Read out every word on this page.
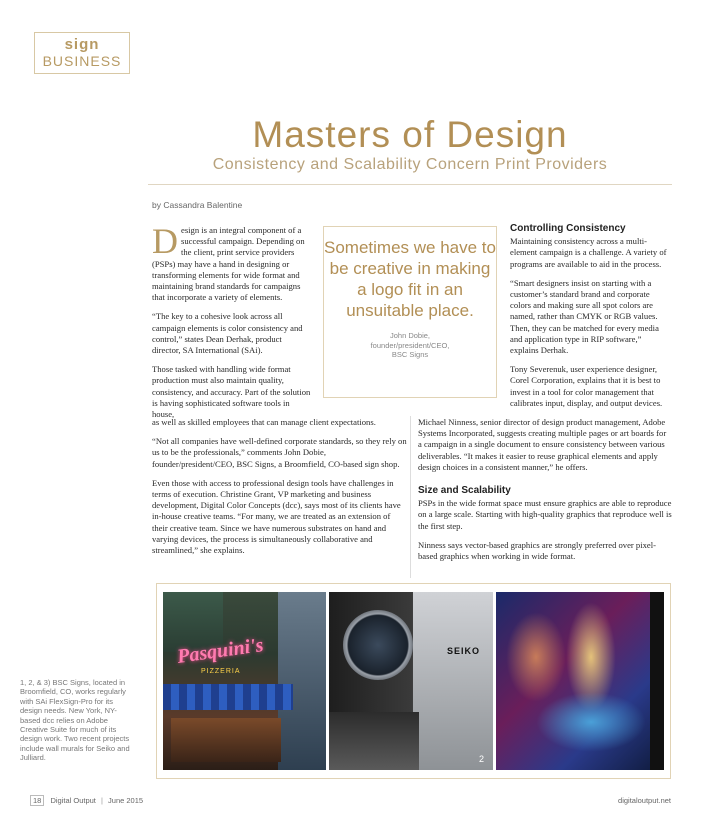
sign
BUSINESS
Masters of Design
Consistency and Scalability Concern Print Providers
by Cassandra Balentine

Design is an integral component of a successful campaign. Depending on the client, print service providers (PSPs) may have a hand in designing or transforming elements for wide format and maintaining brand standards for campaigns that incorporate a variety of elements.

“The key to a cohesive look across all campaign elements is color consistency and control,” states Dean Derhak, product director, SA International (SAi).

Those tasked with handling wide format production must also maintain quality, consistency, and accuracy. Part of the solution is having sophisticated software tools in house,

Sometimes we have to be creative in making a logo fit in an unsuitable place.
John Dobie,
founder/president/CEO,
BSC Signs
Controlling Consistency

Maintaining consistency across a multi-element campaign is a challenge. A variety of programs are available to aid in the process.

“Smart designers insist on starting with a customer’s standard brand and corporate colors and making sure all spot colors are named, rather than CMYK or RGB values. Then, they can be matched for every media and application type in RIP software,” explains Derhak.

Tony Severenuk, user experience designer, Corel Corporation, explains that it is best to invest in a tool for color management that calibrates input, display, and output devices.

as well as skilled employees that can manage client expectations.

“Not all companies have well-defined corporate standards, so they rely on us to be the professionals,” comments John Dobie, founder/president/CEO, BSC Signs, a Broomfield, CO-based sign shop.

Even those with access to professional design tools have challenges in terms of execution. Christine Grant, VP marketing and business development, Digital Color Concepts (dcc), says most of its clients have in-house creative teams. “For many, we are treated as an extension of their creative team. Since we have numerous substrates on hand and varying devices, the process is simultaneously collaborative and streamlined,” she explains.

Michael Ninness, senior director of design product management, Adobe Systems Incorporated, suggests creating multiple pages or art boards for a campaign in a single document to ensure consistency between various deliverables. “It makes it easier to reuse graphical elements and apply design choices in a consistent manner,” he offers.

Size and Scalability

PSPs in the wide format space must ensure graphics are able to reproduce on a large scale. Starting with high-quality graphics that reproduce well is the first step.

Ninness says vector-based graphics are strongly preferred over pixel-based graphics when working in wide format.

Pasquini's
PIZZERIA
SEIKO
2
1, 2, & 3) BSC Signs, located in Broomfield, CO, works regularly with SAi FlexSign-Pro for its design needs. New York, NY-based dcc relies on Adobe Creative Suite for much of its design work. Two recent projects include wall murals for Seiko and Julliard.
18 Digital Output | June 2015	digitaloutput.net
